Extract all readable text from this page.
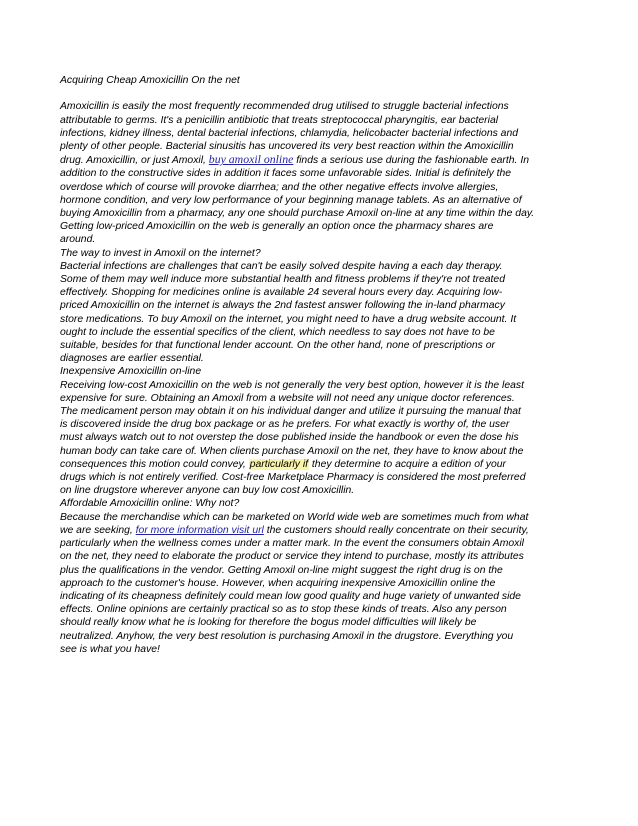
Acquiring Cheap Amoxicillin On the net
Amoxicillin is easily the most frequently recommended drug utilised to struggle bacterial infections
attributable to germs. It's a penicillin antibiotic that treats streptococcal pharyngitis, ear bacterial
infections, kidney illness, dental bacterial infections, chlamydia, helicobacter bacterial infections and
plenty of other people. Bacterial sinusitis has uncovered its very best reaction within the Amoxicillin
drug. Amoxicillin, or just Amoxil, buy amoxil online finds a serious use during the fashionable earth. In
addition to the constructive sides in addition it faces some unfavorable sides. Initial is definitely the
overdose which of course will provoke diarrhea; and the other negative effects involve allergies,
hormone condition, and very low performance of your beginning manage tablets. As an alternative of
buying Amoxicillin from a pharmacy, any one should purchase Amoxil on-line at any time within the day.
Getting low-priced Amoxicillin on the web is generally an option once the pharmacy shares are
around.
The way to invest in Amoxil on the internet?
Bacterial infections are challenges that can't be easily solved despite having a each day therapy.
Some of them may well induce more substantial health and fitness problems if they're not treated
effectively. Shopping for medicines online is available 24 several hours every day. Acquiring low-
priced Amoxicillin on the internet is always the 2nd fastest answer following the in-land pharmacy
store medications. To buy Amoxil on the internet, you might need to have a drug website account. It
ought to include the essential specifics of the client, which needless to say does not have to be
suitable, besides for that functional lender account. On the other hand, none of prescriptions or
diagnoses are earlier essential.
Inexpensive Amoxicillin on-line
Receiving low-cost Amoxicillin on the web is not generally the very best option, however it is the least
expensive for sure. Obtaining an Amoxil from a website will not need any unique doctor references.
The medicament person may obtain it on his individual danger and utilize it pursuing the manual that
is discovered inside the drug box package or as he prefers. For what exactly is worthy of, the user
must always watch out to not overstep the dose published inside the handbook or even the dose his
human body can take care of. When clients purchase Amoxil on the net, they have to know about the
consequences this motion could convey, particularly if they determine to acquire a edition of your
drugs which is not entirely verified. Cost-free Marketplace Pharmacy is considered the most preferred
on line drugstore wherever anyone can buy low cost Amoxicillin.
Affordable Amoxicillin online: Why not?
Because the merchandise which can be marketed on World wide web are sometimes much from what
we are seeking, for more information visit url the customers should really concentrate on their security,
particularly when the wellness comes under a matter mark. In the event the consumers obtain Amoxil
on the net, they need to elaborate the product or service they intend to purchase, mostly its attributes
plus the qualifications in the vendor. Getting Amoxil on-line might suggest the right drug is on the
approach to the customer's house. However, when acquiring inexpensive Amoxicillin online the
indicating of its cheapness definitely could mean low good quality and huge variety of unwanted side
effects. Online opinions are certainly practical so as to stop these kinds of treats. Also any person
should really know what he is looking for therefore the bogus model difficulties will likely be
neutralized. Anyhow, the very best resolution is purchasing Amoxil in the drugstore. Everything you
see is what you have!
